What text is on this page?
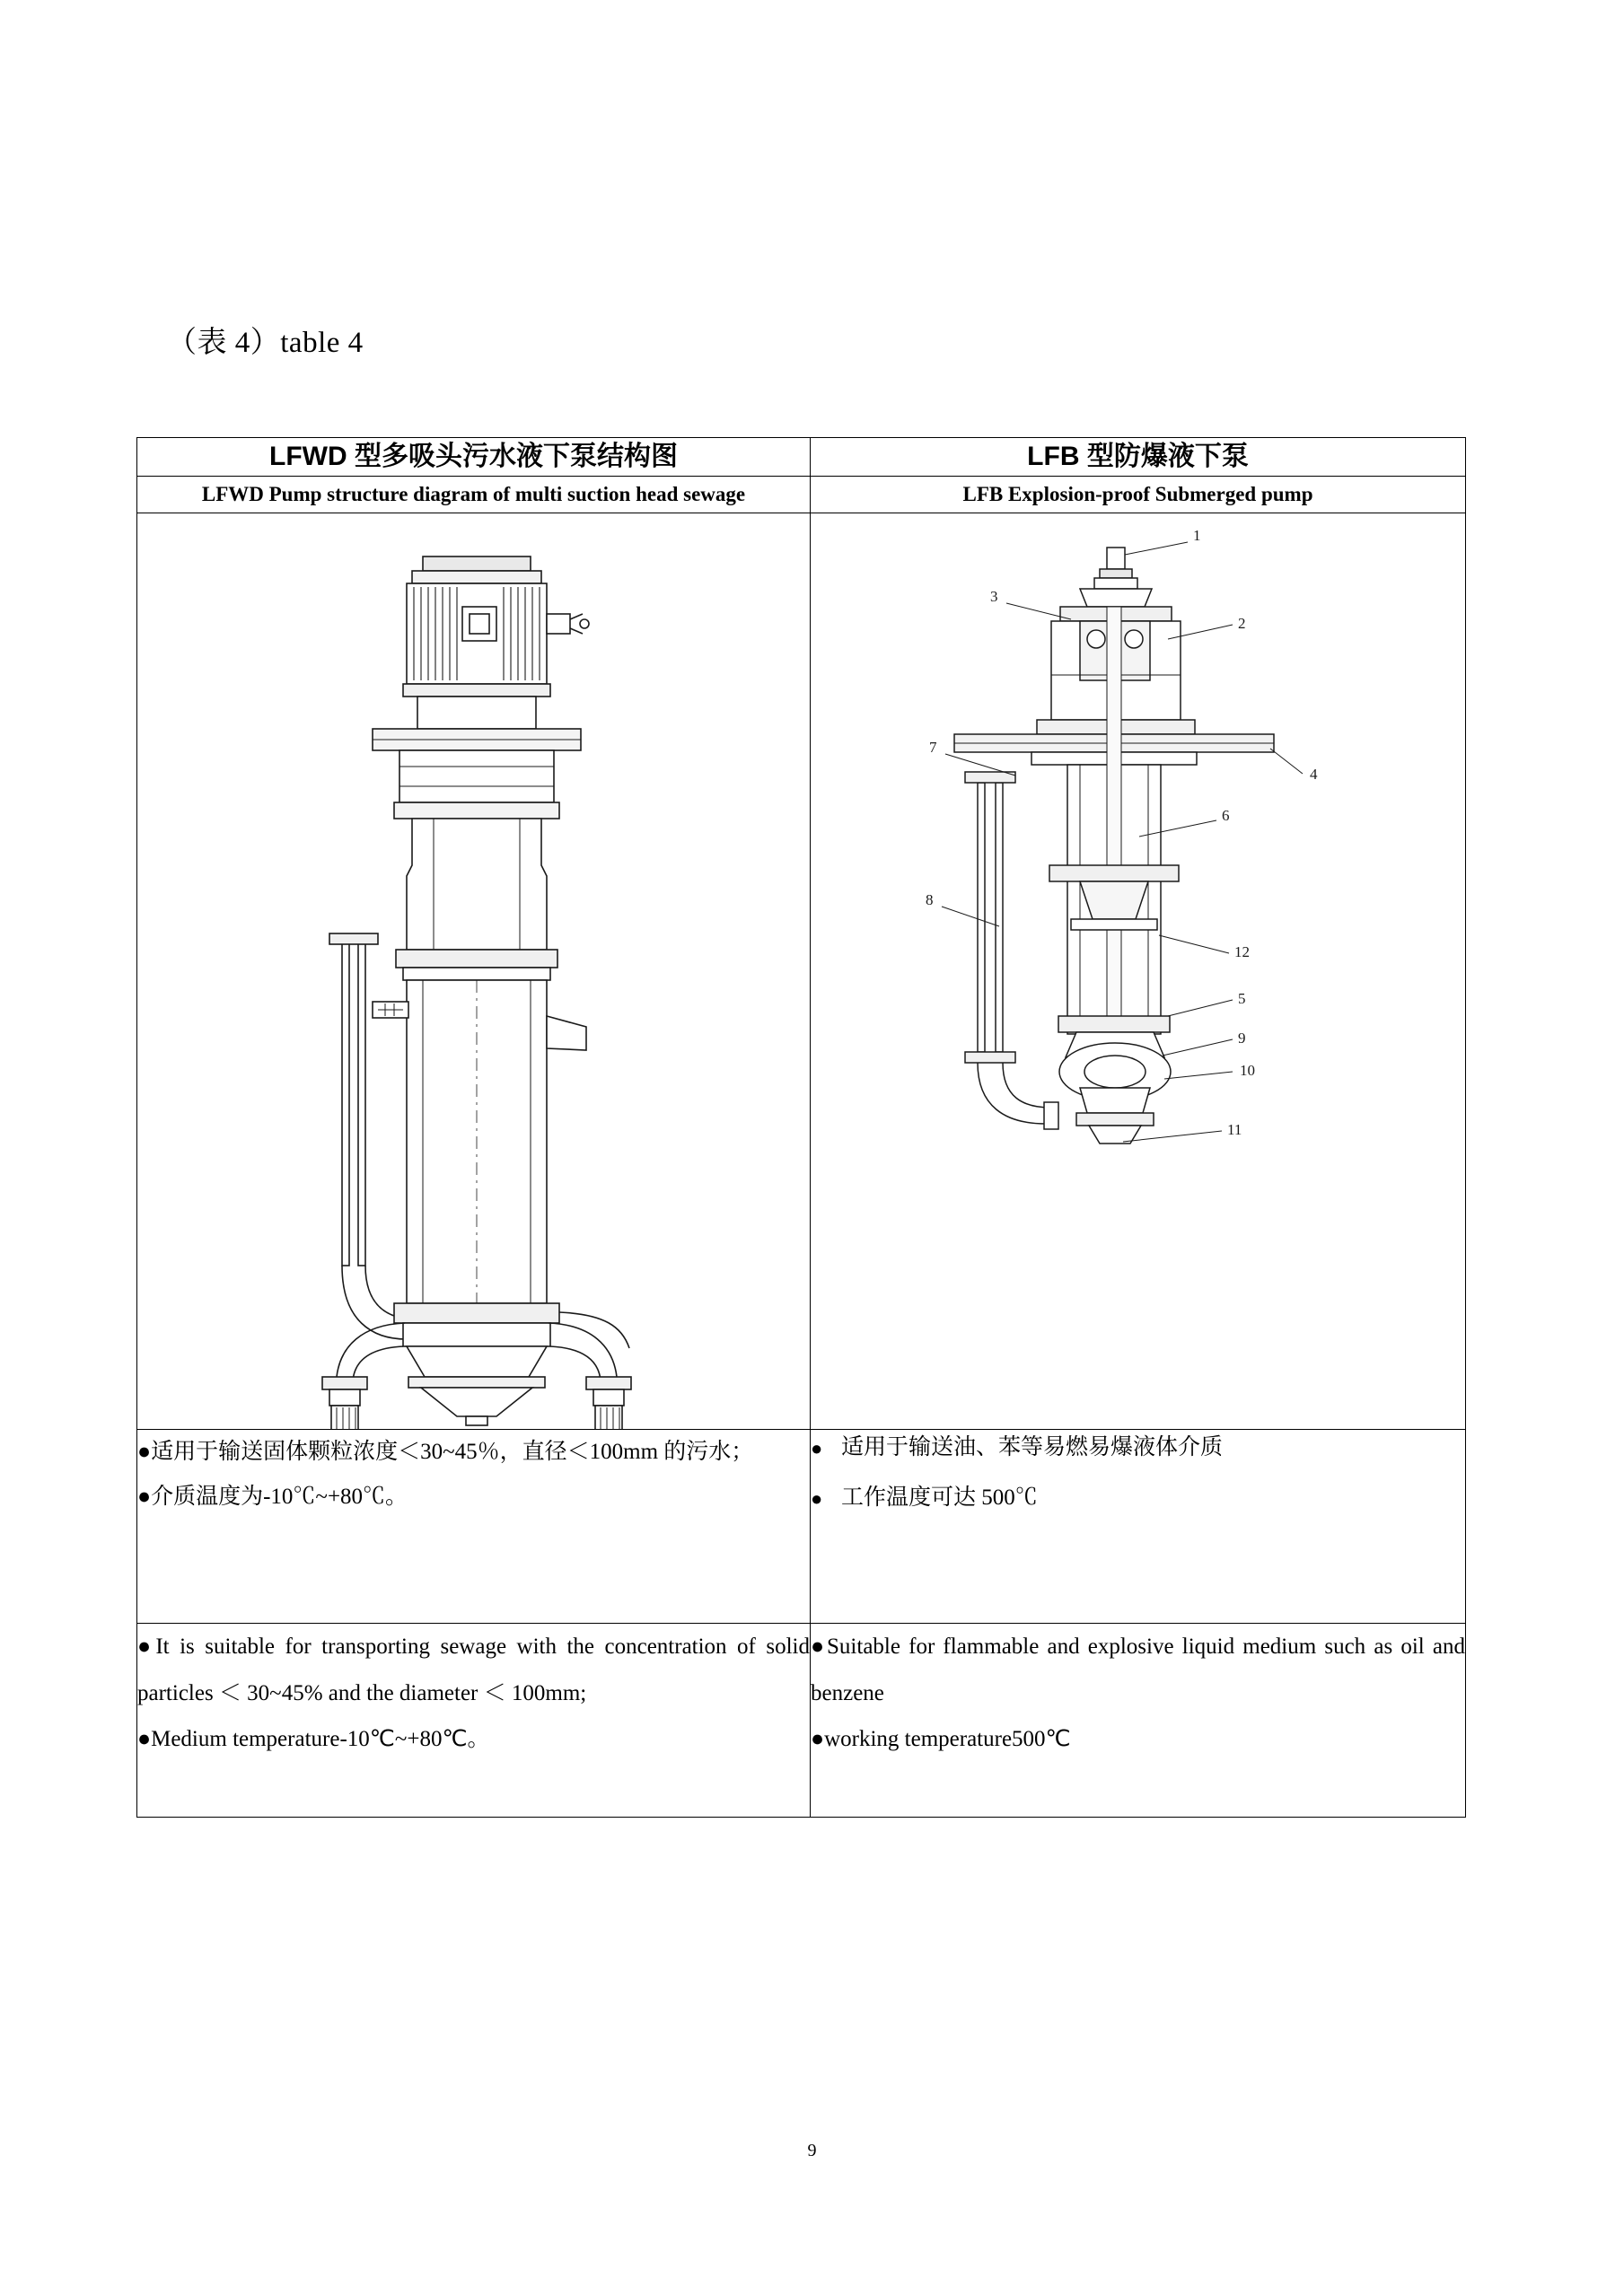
（表 4）table 4
LFWD 型多吸头污水液下泵结构图	LFB 型防爆液下泵
LFWD Pump structure diagram of multi suction head sewage	LFB Explosion-proof Submerged pump

1
2
3
4
5
6
7
8
9
10
11
12

●适用于输送固体颗粒浓度＜30~45％，直径＜100mm 的污水；
●介质温度为-10℃~+80℃。

● 适用于输送油、苯等易燃易爆液体介质
● 工作温度可达 500℃

●It is suitable for transporting sewage with the concentration of solid particles ＜ 30~45% and the diameter ＜ 100mm;
●Medium temperature-10℃~+80℃。

●Suitable for flammable and explosive liquid medium such as oil and benzene
●working temperature500℃
9
